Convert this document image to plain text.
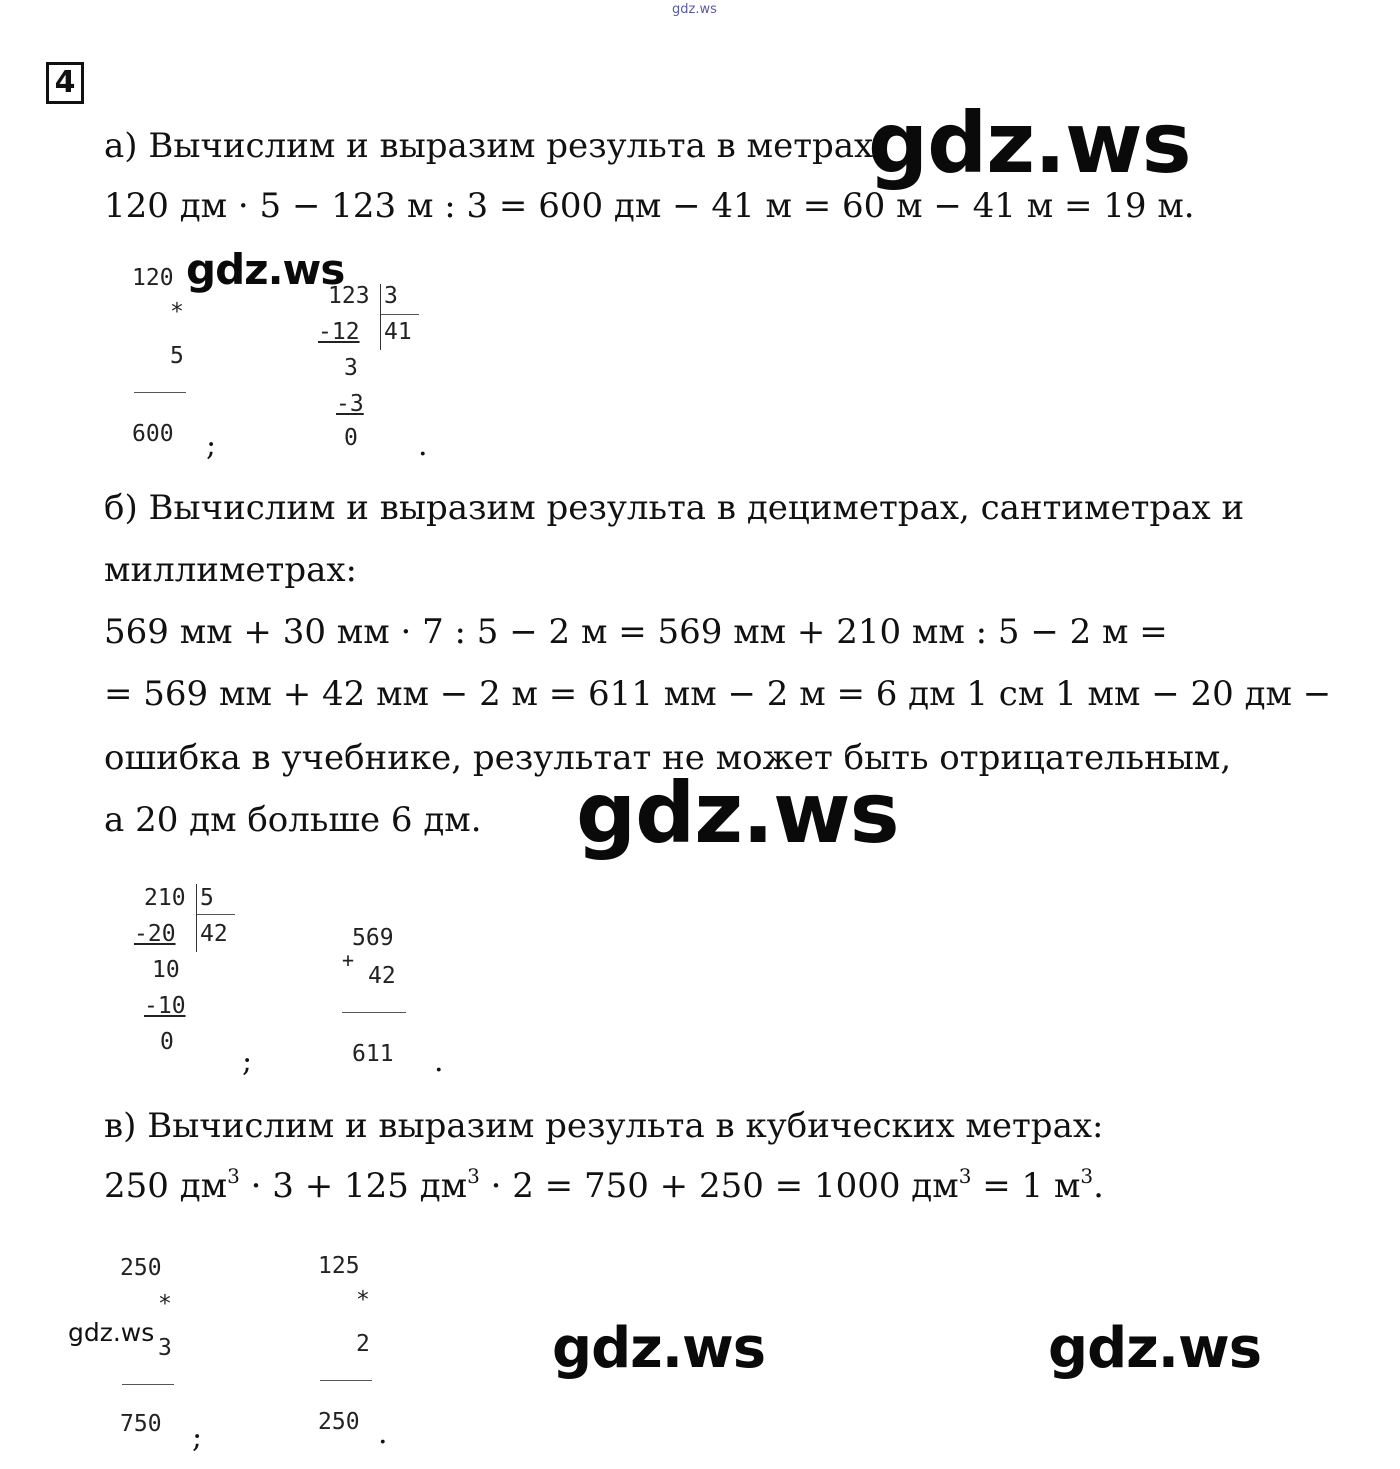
gdz.ws
4
а) Вычислим и выразим результа в метрах:
gdz.ws
120 дм · 5 − 123 м : 3 = 600 дм − 41 м = 60 м − 41 м = 19 м.
120
*
5
600 ;
gdz.ws
123 3
41
-12
3
-3
0 .
б) Вычислим и выразим результа в дециметрах, сантиметрах и
миллиметрах:
569 мм + 30 мм · 7 : 5 − 2 м = 569 мм + 210 мм : 5 − 2 м =
= 569 мм + 42 мм − 2 м = 611 мм − 2 м = 6 дм 1 см 1 мм − 20 дм −
ошибка в учебнике, результат не может быть отрицательным,
а 20 дм больше 6 дм. gdz.ws
210 5
42
-20
10
-10
0
;
569
+
42
611 .
в) Вычислим и выразим результа в кубических метрах:
250 $дм^3 \cdot 3 + 125$ $дм^3 \cdot 2 = 750 + 250 = 1000$ $дм^3 = 1$ $м^3$.
250
*
3
750 ;
gdz.ws
125
*
2
250 .
gdz.ws	gdz.ws
